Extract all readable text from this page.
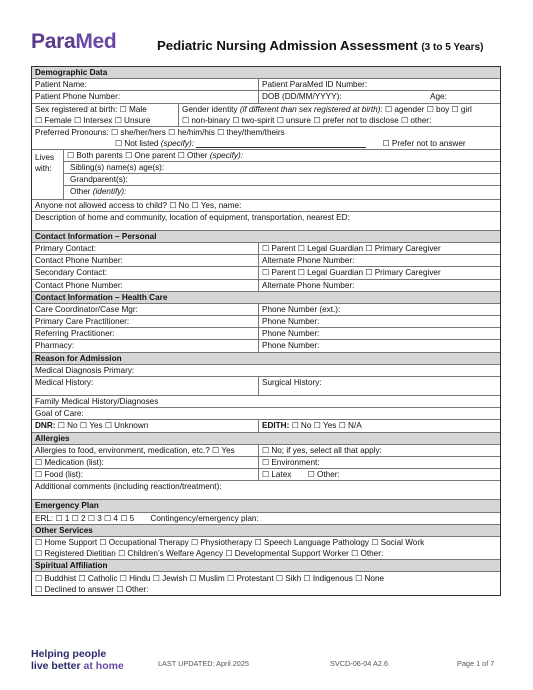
ParaMed	Pediatric Nursing Admission Assessment (3 to 5 Years)
Demographic Data
Patient Name:	Patient ParaMed ID Number:
Patient Phone Number:	DOB (DD/MM/YYYY):	Age:
Sex registered at birth: ☐ Male
☐ Female ☐ Intersex ☐ Unsure
Gender identity (if different than sex registered at birth): ☐ agender ☐ boy ☐ girl
☐ non-binary ☐ two-spirit ☐ unsure ☐ prefer not to disclose ☐ other:
Preferred Pronouns: ☐ she/her/hers ☐ he/him/his ☐ they/them/theirs
☐ Not listed (specify):	☐ Prefer not to answer
Lives with:
☐ Both parents ☐ One parent ☐ Other (specify):
Sibling(s) name(s) age(s):
Grandparent(s):
Other (identify):
Anyone not allowed access to child? ☐ No ☐ Yes, name:
Description of home and community, location of equipment, transportation, nearest ED:
Contact Information – Personal
Primary Contact:	☐ Parent ☐ Legal Guardian ☐ Primary Caregiver
Contact Phone Number:	Alternate Phone Number:
Secondary Contact:	☐ Parent ☐ Legal Guardian ☐ Primary Caregiver
Contact Phone Number:	Alternate Phone Number:
Contact Information – Health Care
Care Coordinator/Case Mgr:	Phone Number (ext.):
Primary Care Practitioner:	Phone Number:
Referring Practitioner:	Phone Number:
Pharmacy:	Phone Number:
Reason for Admission
Medical Diagnosis Primary:
Medical History:	Surgical History:
Family Medical History/Diagnoses
Goal of Care:
DNR: ☐ No ☐ Yes ☐ Unknown	EDITH: ☐ No ☐ Yes ☐ N/A
Allergies
Allergies to food, environment, medication, etc.? ☐ Yes	☐ No; if yes, select all that apply:
☐ Medication (list):	☐ Environment:
☐ Food (list):	☐ Latex	☐ Other:
Additional comments (including reaction/treatment):
Emergency Plan
ERL: ☐ 1 ☐ 2 ☐ 3 ☐ 4 ☐ 5 Contingency/emergency plan:
Other Services
☐ Home Support ☐ Occupational Therapy ☐ Physiotherapy ☐ Speech Language Pathology ☐ Social Work
☐ Registered Dietitian ☐ Children’s Welfare Agency ☐ Developmental Support Worker ☐ Other:
Spiritual Affiliation
☐ Buddhist ☐ Catholic ☐ Hindu ☐ Jewish ☐ Muslim ☐ Protestant ☐ Sikh ☐ Indigenous ☐ None
☐ Declined to answer ☐ Other:
Helping people
live better at home	LAST UPDATED: April 2025	SVCD-06-04 A2.6	Page 1 of 7
